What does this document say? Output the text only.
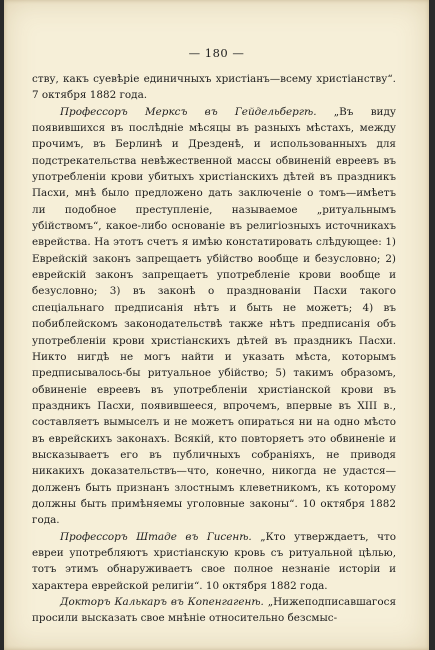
— 180 —

ству, какъ суевѣріе единичныхъ христіанъ—всему христіанству“. 7 октября 1882 года.

Профессоръ Мерксъ въ Гейдельбергѣ. „Въ виду появившихся въ послѣдніе мѣсяцы въ разныхъ мѣстахъ, между прочимъ, въ Берлинѣ и Дрезденѣ, и использованныхъ для подстрекательства невѣжественной массы обвиненій евреевъ въ употребленіи крови убитыхъ христіанскихъ дѣтей въ праздникъ Пасхи, мнѣ было предложено дать заключеніе о томъ—имѣетъ ли подобное преступленіе, называемое „ритуальнымъ убійствомъ“, какое-либо основаніе въ религіозныхъ источникахъ еврейства. На этотъ счетъ я имѣю констатировать слѣдующее: 1) Еврейскій законъ запрещаетъ убійство вообще и безусловно; 2) еврейскій законъ запрещаетъ употребленіе крови вообще и безусловно; 3) въ законѣ о праздновaніи Пасхи такого спеціальнаго предписанія нѣтъ и быть не можетъ; 4) въ побиблейскомъ законодательствѣ также нѣтъ предписанія объ употребленіи крови христіанскихъ дѣтей въ праздникъ Пасхи. Никто нигдѣ не могъ найти и указать мѣста, которымъ предписывалось-бы ритуальное убійство; 5) такимъ образомъ, обвиненіе евреевъ въ употребленіи христіанской крови въ праздникъ Пасхи, появившееся, впрочемъ, впервые въ XIII в., составляетъ вымыселъ и не можетъ опираться ни на одно мѣсто въ еврейскихъ законахъ. Всякій, кто повторяетъ это обвиненіе и высказываетъ его въ публичныхъ собраніяхъ, не приводя никакихъ доказательствъ—что, конечно, никогда не удастся—долженъ быть признанъ злостнымъ клеветникомъ, къ которому должны быть примѣняемы уголовные законы“. 10 октября 1882 года.

Профессоръ Штаде въ Гисенѣ. „Кто утверждаетъ, что евреи употребляютъ христіанскую кровь съ ритуальной цѣлью, тотъ этимъ обнаруживаетъ свое полное незнаніе исторіи и характера еврейской религіи“. 10 октября 1882 года.

Докторъ Калькаръ въ Копенгагенѣ. „Нижеподписавшагося просили высказать свое мнѣніе относительно безсмыс-
